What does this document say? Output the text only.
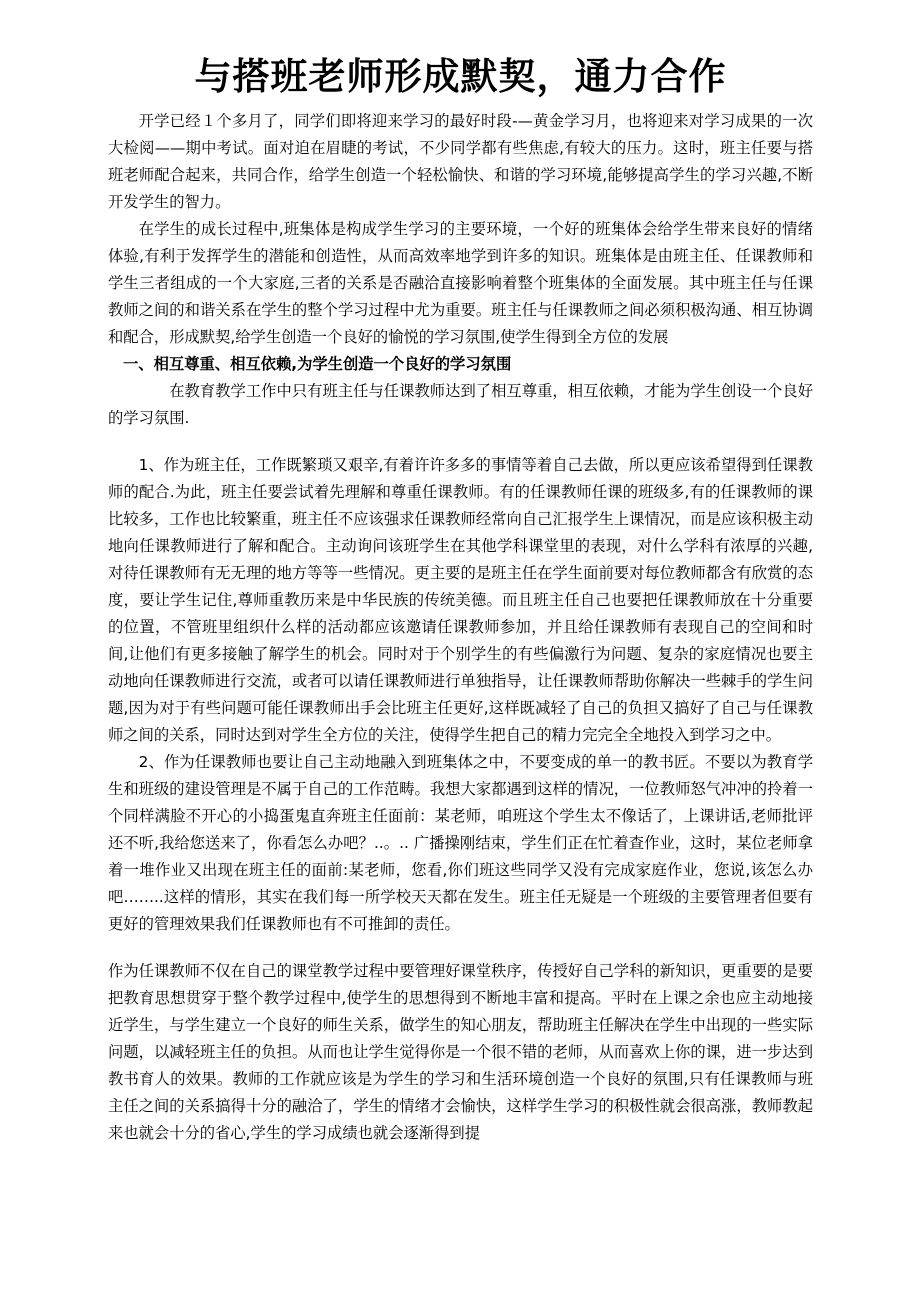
与搭班老师形成默契，通力合作

开学已经１个多月了，同学们即将迎来学习的最好时段-—黄金学习月，也将迎来对学习成果的一次大检阅——期中考试。面对迫在眉睫的考试，不少同学都有些焦虑,有较大的压力。这时，班主任要与搭班老师配合起来，共同合作，给学生创造一个轻松愉快、和谐的学习环境,能够提高学生的学习兴趣,不断开发学生的智力。

在学生的成长过程中,班集体是构成学生学习的主要环境，一个好的班集体会给学生带来良好的情绪体验,有利于发挥学生的潜能和创造性，从而高效率地学到许多的知识。班集体是由班主任、任课教师和学生三者组成的一个大家庭,三者的关系是否融洽直接影响着整个班集体的全面发展。其中班主任与任课教师之间的和谐关系在学生的整个学习过程中尤为重要。班主任与任课教师之间必须积极沟通、相互协调和配合，形成默契,给学生创造一个良好的愉悦的学习氛围,使学生得到全方位的发展

一、相互尊重、相互依赖,为学生创造一个良好的学习氛围

在教育教学工作中只有班主任与任课教师达到了相互尊重，相互依赖，才能为学生创设一个良好的学习氛围.

1、作为班主任，工作既繁琐又艰辛,有着许许多多的事情等着自己去做，所以更应该希望得到任课教师的配合.为此，班主任要尝试着先理解和尊重任课教师。有的任课教师任课的班级多,有的任课教师的课比较多，工作也比较繁重，班主任不应该强求任课教师经常向自己汇报学生上课情况，而是应该积极主动地向任课教师进行了解和配合。主动询问该班学生在其他学科课堂里的表现，对什么学科有浓厚的兴趣,对待任课教师有无无理的地方等等一些情况。更主要的是班主任在学生面前要对每位教师都含有欣赏的态度，要让学生记住,尊师重教历来是中华民族的传统美德。而且班主任自己也要把任课教师放在十分重要的位置，不管班里组织什么样的活动都应该邀请任课教师参加，并且给任课教师有表现自己的空间和时间,让他们有更多接触了解学生的机会。同时对于个别学生的有些偏激行为问题、复杂的家庭情况也要主动地向任课教师进行交流，或者可以请任课教师进行单独指导，让任课教师帮助你解决一些棘手的学生问题,因为对于有些问题可能任课教师出手会比班主任更好,这样既减轻了自己的负担又搞好了自己与任课教师之间的关系，同时达到对学生全方位的关注，使得学生把自己的精力完完全全地投入到学习之中。

2、作为任课教师也要让自己主动地融入到班集体之中，不要变成的单一的教书匠。不要以为教育学生和班级的建设管理是不属于自己的工作范畴。我想大家都遇到这样的情况，一位教师怒气冲冲的拎着一个同样满脸不开心的小捣蛋鬼直奔班主任面前：某老师，咱班这个学生太不像话了，上课讲话,老师批评还不听,我给您送来了，你看怎么办吧？..。.. 广播操刚结束，学生们正在忙着查作业，这时，某位老师拿着一堆作业又出现在班主任的面前:某老师，您看,你们班这些同学又没有完成家庭作业，您说,该怎么办吧……..这样的情形，其实在我们每一所学校天天都在发生。班主任无疑是一个班级的主要管理者但要有更好的管理效果我们任课教师也有不可推卸的责任。

作为任课教师不仅在自己的课堂教学过程中要管理好课堂秩序，传授好自己学科的新知识，更重要的是要把教育思想贯穿于整个教学过程中,使学生的思想得到不断地丰富和提高。平时在上课之余也应主动地接近学生，与学生建立一个良好的师生关系，做学生的知心朋友，帮助班主任解决在学生中出现的一些实际问题，以减轻班主任的负担。从而也让学生觉得你是一个很不错的老师，从而喜欢上你的课，进一步达到教书育人的效果。教师的工作就应该是为学生的学习和生活环境创造一个良好的氛围,只有任课教师与班主任之间的关系搞得十分的融洽了，学生的情绪才会愉快，这样学生学习的积极性就会很高涨，教师教起来也就会十分的省心,学生的学习成绩也就会逐渐得到提
